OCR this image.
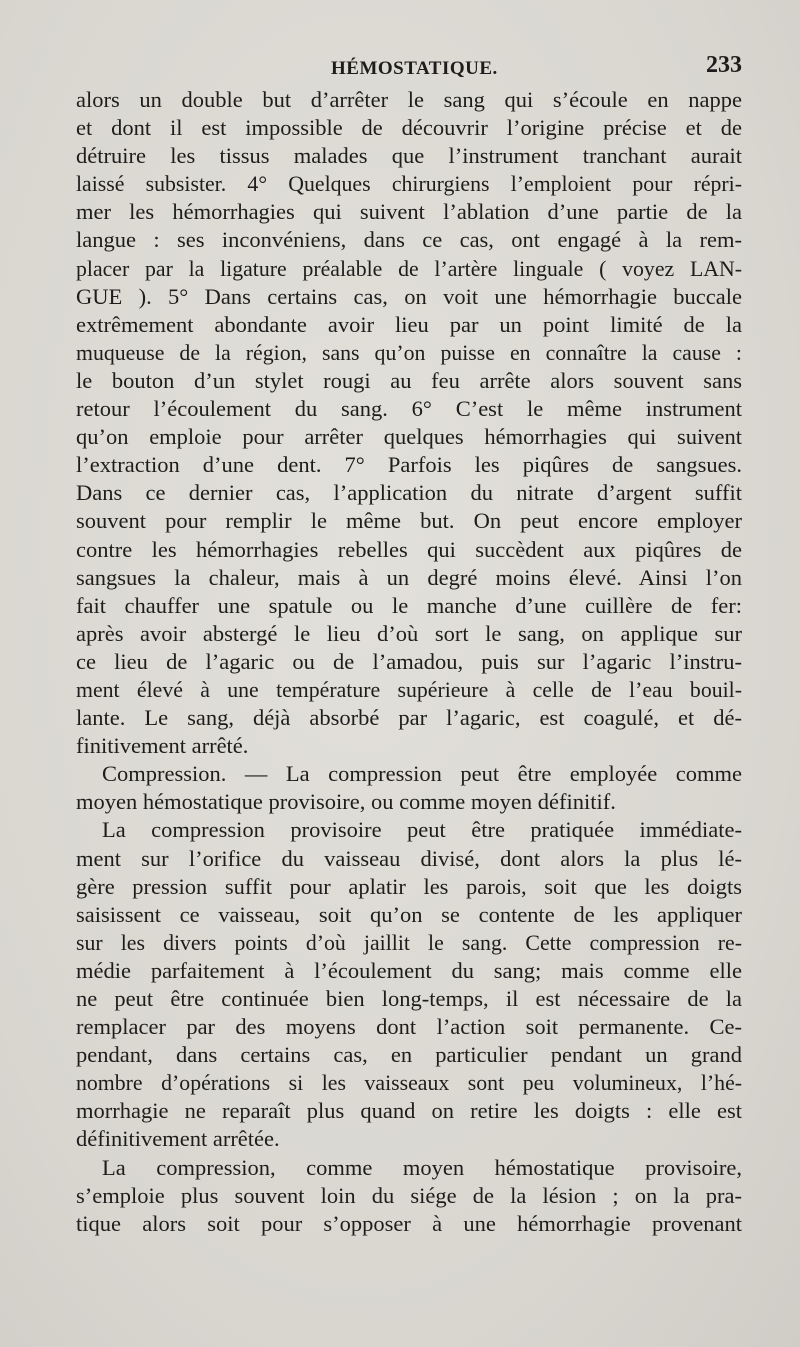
HÉMOSTATIQUE.	233
alors un double but d’arrêter le sang qui s’écoule en nappe
et dont il est impossible de découvrir l’origine précise et de
détruire les tissus malades que l’instrument tranchant aurait
laissé subsister. 4° Quelques chirurgiens l’emploient pour répri-
mer les hémorrhagies qui suivent l’ablation d’une partie de la
langue : ses inconvéniens, dans ce cas, ont engagé à la rem-
placer par la ligature préalable de l’artère linguale ( voyez LAN-
GUE ). 5° Dans certains cas, on voit une hémorrhagie buccale
extrêmement abondante avoir lieu par un point limité de la
muqueuse de la région, sans qu’on puisse en connaître la cause :
le bouton d’un stylet rougi au feu arrête alors souvent sans
retour l’écoulement du sang. 6° C’est le même instrument
qu’on emploie pour arrêter quelques hémorrhagies qui suivent
l’extraction d’une dent. 7° Parfois les piqûres de sangsues.
Dans ce dernier cas, l’application du nitrate d’argent suffit
souvent pour remplir le même but. On peut encore employer
contre les hémorrhagies rebelles qui succèdent aux piqûres de
sangsues la chaleur, mais à un degré moins élevé. Ainsi l’on
fait chauffer une spatule ou le manche d’une cuillère de fer:
après avoir abstergé le lieu d’où sort le sang, on applique sur
ce lieu de l’agaric ou de l’amadou, puis sur l’agaric l’instru-
ment élevé à une température supérieure à celle de l’eau bouil-
lante. Le sang, déjà absorbé par l’agaric, est coagulé, et dé-
finitivement arrêté.
Compression. — La compression peut être employée comme
moyen hémostatique provisoire, ou comme moyen définitif.
La compression provisoire peut être pratiquée immédiate-
ment sur l’orifice du vaisseau divisé, dont alors la plus lé-
gère pression suffit pour aplatir les parois, soit que les doigts
saisissent ce vaisseau, soit qu’on se contente de les appliquer
sur les divers points d’où jaillit le sang. Cette compression re-
médie parfaitement à l’écoulement du sang; mais comme elle
ne peut être continuée bien long-temps, il est nécessaire de la
remplacer par des moyens dont l’action soit permanente. Ce-
pendant, dans certains cas, en particulier pendant un grand
nombre d’opérations si les vaisseaux sont peu volumineux, l’hé-
morrhagie ne reparaît plus quand on retire les doigts : elle est
définitivement arrêtée.
La compression, comme moyen hémostatique provisoire,
s’emploie plus souvent loin du siége de la lésion ; on la pra-
tique alors soit pour s’opposer à une hémorrhagie provenant
